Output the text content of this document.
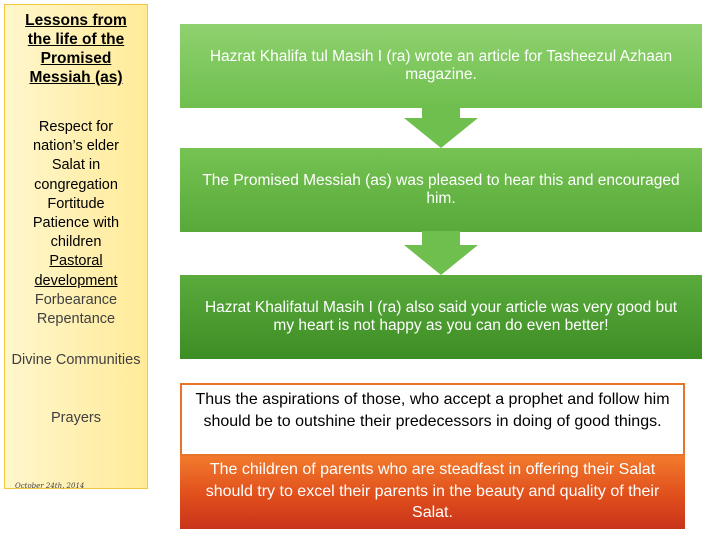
Lessons from
the life of the
Promised
Messiah (as)
Respect for
nation’s elder
Salat in
congregation
Fortitude
Patience with
children
Pastoral
development
Forbearance
Repentance
Divine Communities
Prayers
October 24th, 2014
Hazrat Khalifa tul Masih I (ra) wrote an article for Tasheezul Azhaan magazine.
The Promised Messiah (as) was pleased to hear this and encouraged him.
Hazrat Khalifatul Masih I (ra) also said your article was very good but my heart is not happy as you can do even better!
Thus the aspirations of those, who accept a prophet and follow him should be to outshine their predecessors in doing of good things.
The children of parents who are steadfast in offering their Salat should try to excel their parents in the beauty and quality of their Salat.
